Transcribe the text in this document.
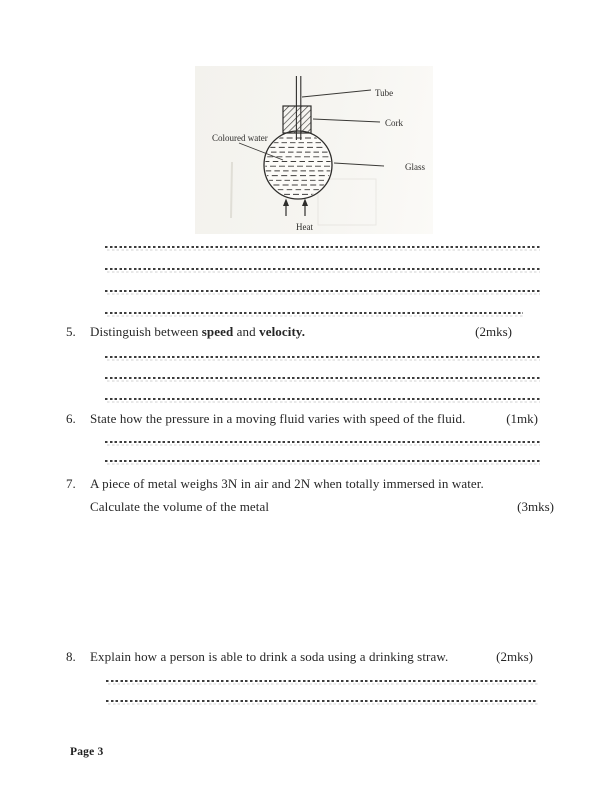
Tube
Cork
Coloured water
Glass
Heat
5.	Distinguish between speed and velocity.	(2mks)
6.	State how the pressure in a moving fluid varies with speed of the fluid.	(1mk)
7.	A piece of metal weighs 3N in air and 2N when totally immersed in water.
Calculate the volume of the metal	(3mks)
8.	Explain how a person is able to drink a soda using a drinking straw.	(2mks)
Page 3
